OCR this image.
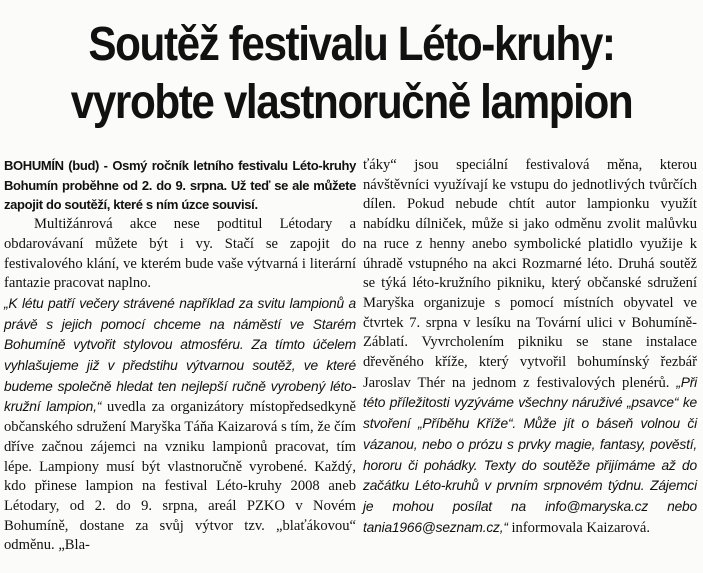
Soutěž festivalu Léto-kruhy:
vyrobte vlastnoručně lampion

BOHUMÍN (bud) - Osmý ročník letního festivalu Léto-kruhy Bohumín proběhne od 2. do 9. srpna. Už teď se ale můžete zapojit do soutěží, které s ním úzce souvisí.

Multižánrová akce nese podtitul Létodary a obdarovávaní můžete být i vy. Stačí se zapojit do festivalového klání, ve kterém bude vaše výtvarná i literární fantazie pracovat naplno.

„K létu patří večery strávené například za svitu lampionů a právě s jejich pomocí chceme na náměstí ve Starém Bohumíně vytvořit stylovou atmosféru. Za tímto účelem vyhlašujeme již v předstihu výtvarnou soutěž, ve které budeme společně hledat ten nejlepší ručně vyrobený léto-kružní lampion,“ uvedla za organizátory místopředsedkyně občanského sdružení Maryška Táňa Kaizarová s tím, že čím dříve začnou zájemci na vzniku lampionů pracovat, tím lépe. Lampiony musí být vlastnoručně vyrobené. Každý, kdo přinese lampion na festival Léto-kruhy 2008 aneb Létodary, od 2. do 9. srpna, areál PZKO v Novém Bohumíně, dostane za svůj výtvor tzv. „blaťákovou“ odměnu. „Bla-

ťáky“ jsou speciální festivalová měna, kterou návštěvníci využívají ke vstupu do jednotlivých tvůrčích dílen. Pokud nebude chtít autor lampionku využít nabídku dílniček, může si jako odměnu zvolit malůvku na ruce z henny anebo symbolické platidlo využije k úhradě vstupného na akci Rozmarné léto. Druhá soutěž se týká léto-kružního pikniku, který občanské sdružení Maryška organizuje s pomocí místních obyvatel ve čtvrtek 7. srpna v lesíku na Tovární ulici v Bohumíně-Záblatí. Vyvrcholením pikniku se stane instalace dřevěného kříže, který vytvořil bohumínský řezbář Jaroslav Thér na jednom z festivalových plenérů. „Při této příležitosti vyzýváme všechny náruživé „psavce“ ke stvoření „Příběhu Kříže“. Může jít o báseň volnou či vázanou, nebo o prózu s prvky magie, fantasy, pověstí, hororu či pohádky. Texty do soutěže přijímáme až do začátku Léto-kruhů v prvním srpnovém týdnu. Zájemci je mohou posílat na info@maryska.cz nebo tania1966@seznam.cz,“ informovala Kaizarová.
